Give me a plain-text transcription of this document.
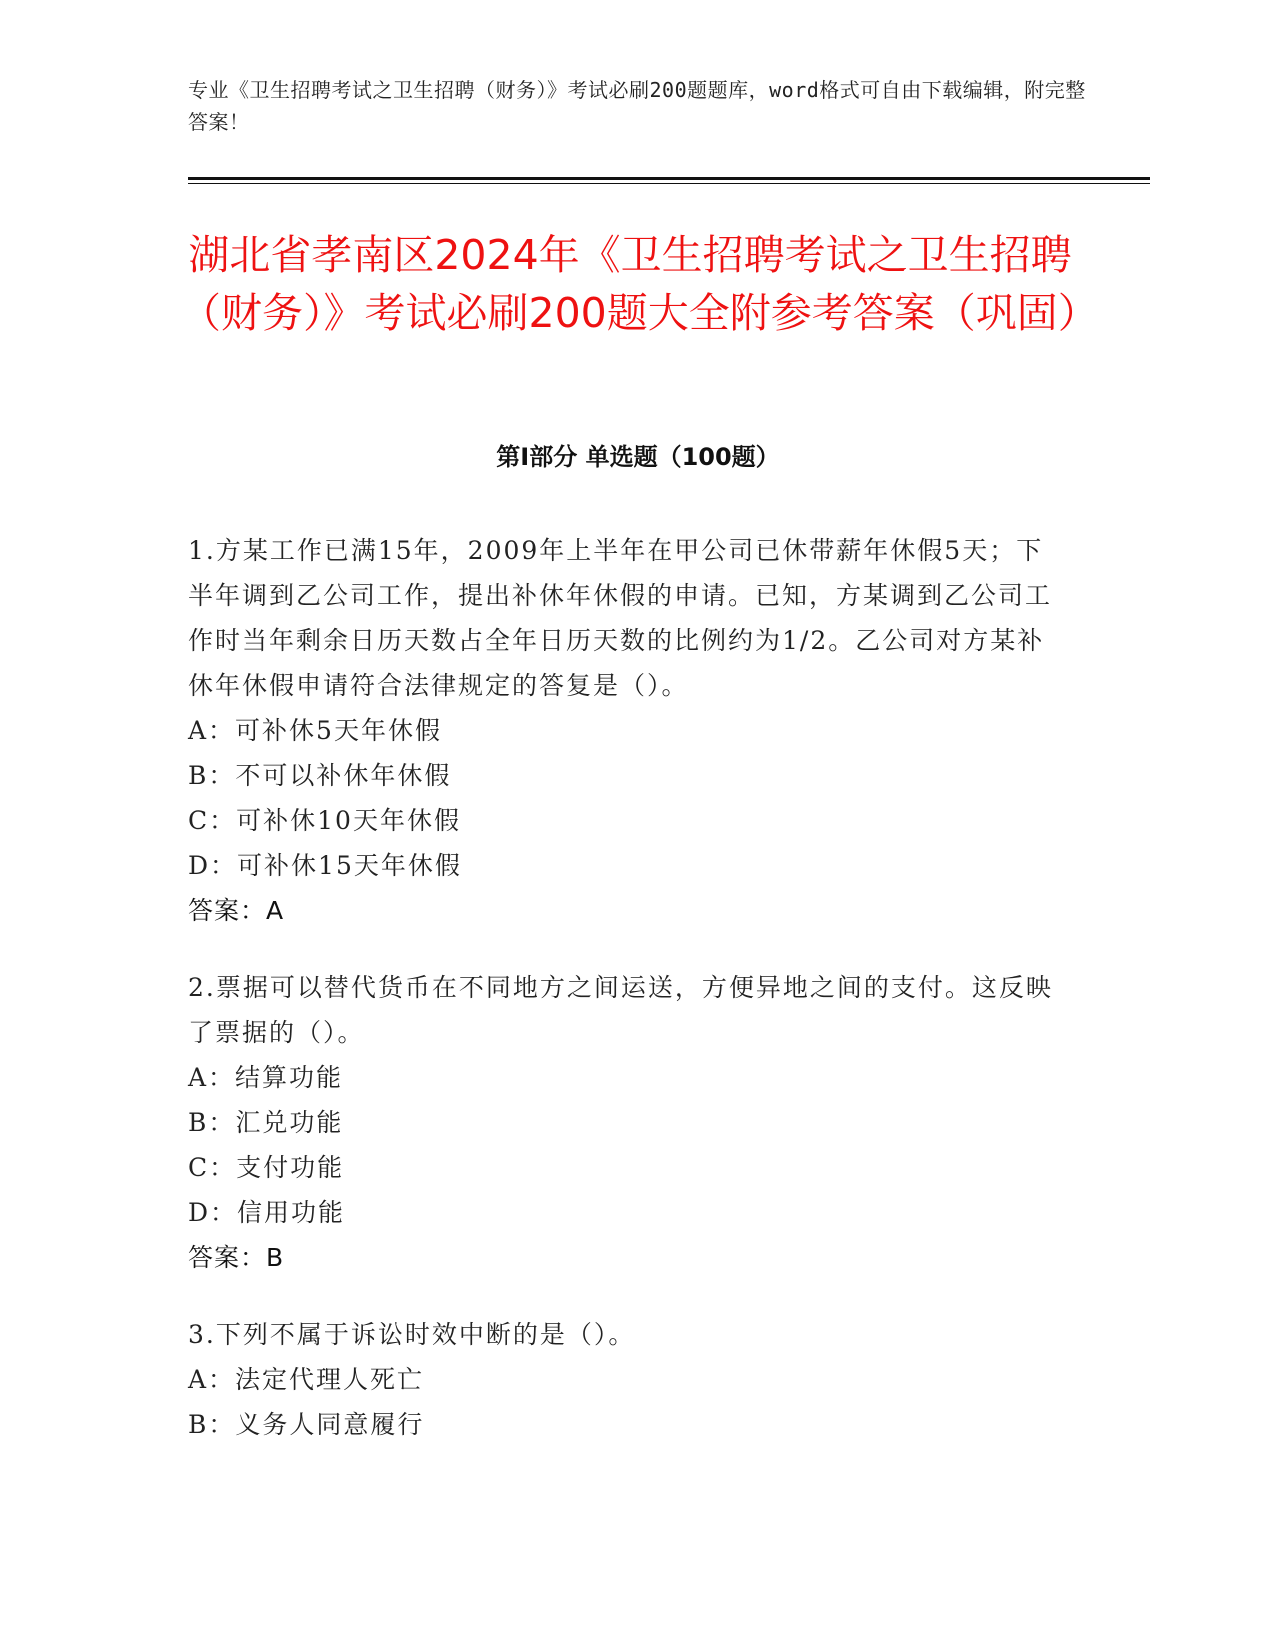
专业《卫生招聘考试之卫生招聘（财务）》考试必刷200题题库，word格式可自由下载编辑，附完整答案！
湖北省孝南区2024年《卫生招聘考试之卫生招聘（财务）》考试必刷200题大全附参考答案（巩固）
第I部分 单选题（100题）
1.方某工作已满15年，2009年上半年在甲公司已休带薪年休假5天；下半年调到乙公司工作，提出补休年休假的申请。已知，方某调到乙公司工作时当年剩余日历天数占全年日历天数的比例约为1/2。乙公司对方某补休年休假申请符合法律规定的答复是（）。
A：可补休5天年休假
B：不可以补休年休假
C：可补休10天年休假
D：可补休15天年休假
答案：A
2.票据可以替代货币在不同地方之间运送，方便异地之间的支付。这反映了票据的（）。
A：结算功能
B：汇兑功能
C：支付功能
D：信用功能
答案：B
3.下列不属于诉讼时效中断的是（）。
A：法定代理人死亡
B：义务人同意履行
